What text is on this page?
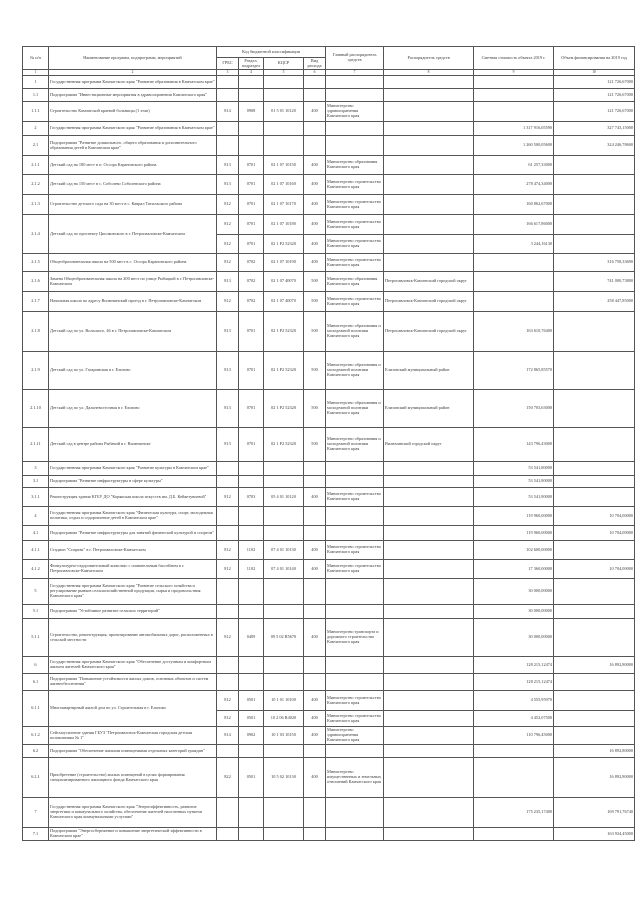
№ п/п	Наименование программ, подпрограмм, мероприятий	Код бюджетной классификации				Главный распорядитель средств	Распорядитель средств	Сметная стоимость объекта 2019 г.	Объем финансирования на 2019 год
		ГРБС	Раздел, подраздел	КЦСР	Вид расхода				
1	2	3	4	5	6	7	8	9	10
1	Государственная программа Камчатского края "Развитие образования в Камчатском крае"								121 726,67000
1.1	Подпрограмма "Инвестиционные мероприятия в здравоохранении Камчатского края"								121 726,67000
1.1.1	Строительство Камчатской краевой больницы (1 этап)	814	0908	01 5 01 10120	400	Министерство здравоохранения Камчатского края			121 726,67000
2	Государственная программа Камчатского края "Развитие образования в Камчатском крае"							1 317 916,05590	327 743,15000
2.1	Подпрограмма "Развитие дошкольного, общего образования и дополнительного образования детей в Камчатском крае"							1 260 500,05600	324 246,78600
2.1.1	Детский сад на 180 мест в п. Оссора Карагинского района	813	0701	02 1 07 10150	400	Министерство образования Камчатского края		61 257,33000	
2.1.2	Детский сад на 150 мест в с. Соболево Соболевского района	813	0701	02 1 07 10160	400	Министерство строительства Камчатского края		278 474,34000	
2.1.3	Строительство детского сада на 30 мест в с. Каврал Тигильского района	812	0701	02 1 07 10170	400	Министерство строительства Камчатского края		160 862,67000	
2.1.4	Детский сад по проспекту Циолковского в г. Петропавловске-Камчатском	812	0701	02 1 07 10180	400	Министерство строительства Камчатского края		166 617,86000	
		812	0701	02 1 P2 52320	400	Министерство строительства Камчатского края		3 244,16130	
2.1.5	Общеобразовательная школа на 500 мест в с. Оссора Карагинского района	812	0702	02 1 07 10190	400	Министерство строительства Камчатского края			316 758,33690
2.1.6	Замена Общеобразовательная школа на 200 мест по улице Рыбацкой в г. Петропавловске-Камчатском	813	0702	02 1 07 40070	500	Министерство образования Камчатского края	Петропавловск-Камчатский городской округ		741 000,73800
2.1.7	Начальная школа по адресу Вилючинский проезд в г. Петропавловске-Камчатском	812	0702	02 1 07 40070	500	Министерство строительства Камчатского края	Петропавловск-Камчатский городской округ		258 447,85000
2.1.8	Детский сад по ул. Вольского, 46 в г. Петропавловске-Камчатском	813	0701	02 1 P2 52320	500	Министерство образования и молодежной политики Камчатского края	Петропавловск-Камчатский городской округ	163 610,76400	
2.1.9	Детский сад по ул. Гагаринская в г. Елизово	813	0701	02 1 P2 52320	500	Министерство образования и молодежной политики Камчатского края	Елизовский муниципальный район	172 865,85570	
2.1.10	Детский сад по ул. Дальневосточная в г. Елизово	813	0701	02 1 P2 52320	500	Министерство образования и молодежной политики Камчатского края	Елизовский муниципальный район	150 703,63000	
2.1.11	Детский сад в центре района Рыбачий в г. Вилючинске	813	0701	02 1 P2 52320	500	Министерство образования и молодежной политики Камчатского края	Вилючинский городской округ	143 796,43000	
3	Государственная программа Камчатского края "Развитие культуры в Камчатском крае"							53 541,80000	
3.1	Подпрограмма "Развитие инфраструктуры в сфере культуры"							53 541,80000	
3.1.1	Реконструкция здания КГБУ ДО "Корякская школа искусств им. Д.Б. Кейкетувьевой"	812	0703	05 4 01 10120	400	Министерство строительства Камчатского края		53 541,80000	
4	Государственная программа Камчатского края "Физическая культура, спорт, молодежная политика, отдых и оздоровление детей в Камчатском крае"							119 960,00000	10 704,00000
4.1	Подпрограмма "Развитие инфраструктуры для занятий физической культурой и спортом"							119 960,00000	10 704,00000
4.1.1	Стадион "Спартак" в г. Петропавловске-Камчатском	812	1102	07 4 01 10130	400	Министерство строительства Камчатского края		102 600,00000	
4.1.2	Физкультурно-оздоровительный комплекс с плавательным бассейном в г. Петропавловске-Камчатском	812	1102	07 4 01 10140	400	Министерство строительства Камчатского края		17 360,00000	10 704,00000
5	Государственная программа Камчатского края "Развитие сельского хозяйства и регулирование рынков сельскохозяйственной продукции, сырья и продовольствия Камчатского края"							30 000,00000	
5.1	Подпрограмма "Устойчивое развитие сельских территорий"							30 000,00000	
5.1.1	Строительство, реконструкция, проектирование автомобильных дорог, расположенных в сельской местности	812	0409	09 5 02 R5670	400	Министерство транспорта и дорожного строительства Камчатского края		30 000,00000	
6	Государственная программа Камчатского края "Обеспечение доступным и комфортным жильем жителей Камчатского края"							128 215,12474	16 892,80000
6.1	Подпрограмма "Повышение устойчивости жилых домов, основных объектов и систем жизнеобеспечения"							128 215,12474	
6.1.1	Многоквартирный жилой дом по ул. Строительная в г. Елизово	812	0501	10 1 01 10100	400	Министерство строительства Камчатского края		4 555,95970	
		812	0501	10 2 06 R4020	400	Министерство строительства Камчатского края		4 452,07500	
6.1.2	Сейсмоусиление здания ГБУЗ "Петропавловск-Камчатская городская детская поликлиника № 1"	814	0902	10 1 03 10150	400	Министерство здравоохранения Камчатского края		110 796,45000	
6.2	Подпрограмма "Обеспечение жилыми помещениями отдельных категорий граждан"								16 892,80000
6.2.1	Приобретение (строительство) жилых помещений в целях формирования специализированного жилищного фонда Камчатского края	822	0501	10 5 02 10130	400	Министерство имущественных и земельных отношений Камчатского края			16 892,80000
7	Государственная программа Камчатского края "Энергоэффективность, развитие энергетики и коммунального хозяйства, обеспечение жителей населенных пунктов Камчатского края коммунальными услугами"							175 235,17400	169 791,76740
7.1	Подпрограмма "Энергосбережение и повышение энергетической эффективности в Камчатском крае"								163 934,45000
